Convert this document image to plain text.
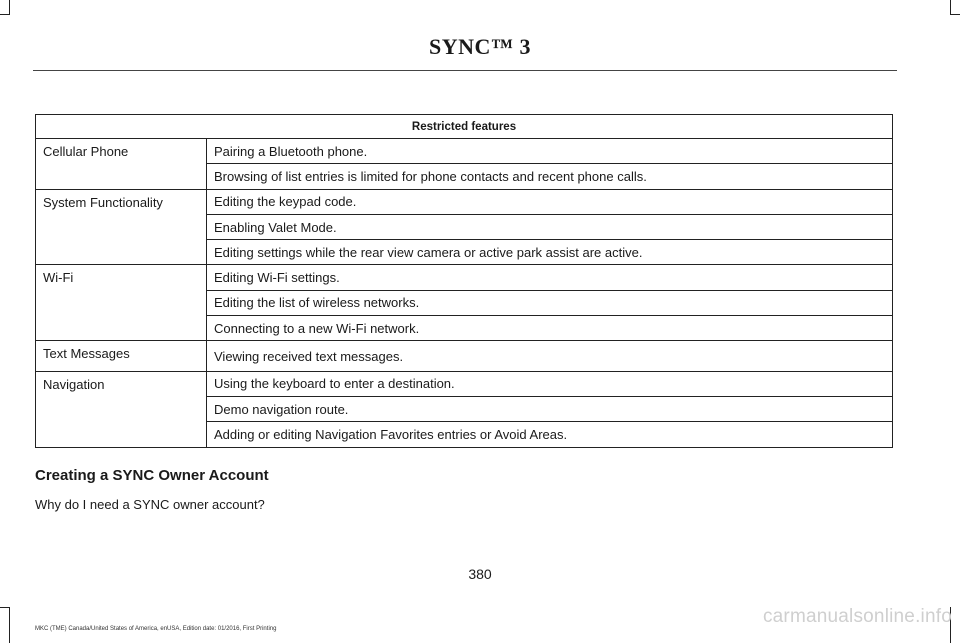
SYNC™ 3
Restricted features	
Cellular Phone	Pairing a Bluetooth phone.
	Browsing of list entries is limited for phone contacts and recent phone calls.
System Functionality	Editing the keypad code.
	Enabling Valet Mode.
	Editing settings while the rear view camera or active park assist are active.
Wi-Fi	Editing Wi-Fi settings.
	Editing the list of wireless networks.
	Connecting to a new Wi-Fi network.
Text Messages	Viewing received text messages.
Navigation	Using the keyboard to enter a destination.
	Demo navigation route.
	Adding or editing Navigation Favorites entries or Avoid Areas.
Creating a SYNC Owner Account
Why do I need a SYNC owner account?
380
MKC (TME) Canada/United States of America, enUSA, Edition date: 01/2016, First Printing
carmanualsonline.info
